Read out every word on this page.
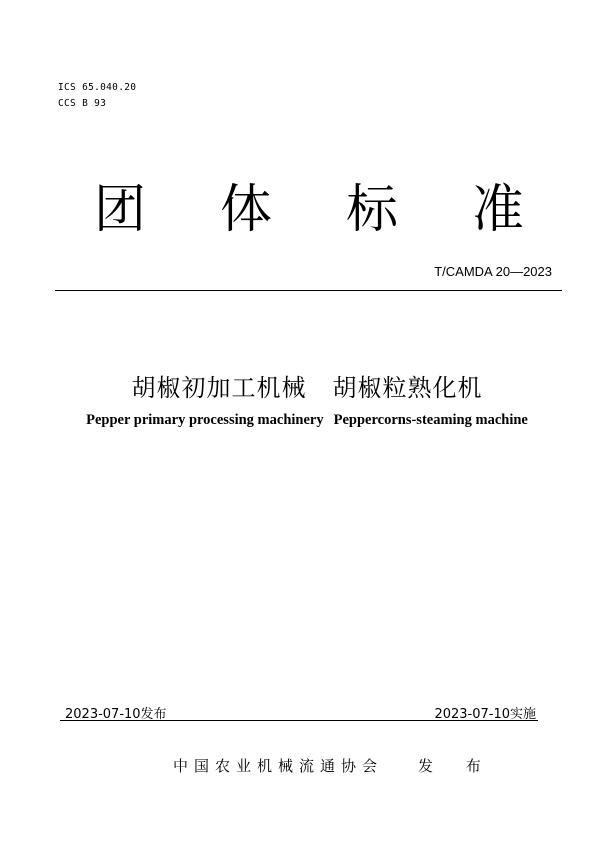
ICS 65.040.20
CCS B 93
团 体 标 准
T/CAMDA 20—2023
胡椒初加工机械 胡椒粒熟化机
Pepper primary processing machinery Peppercorns-steaming machine
2023-07-10发布	2023-07-10实施
中国农业机械流通协会 发 布
